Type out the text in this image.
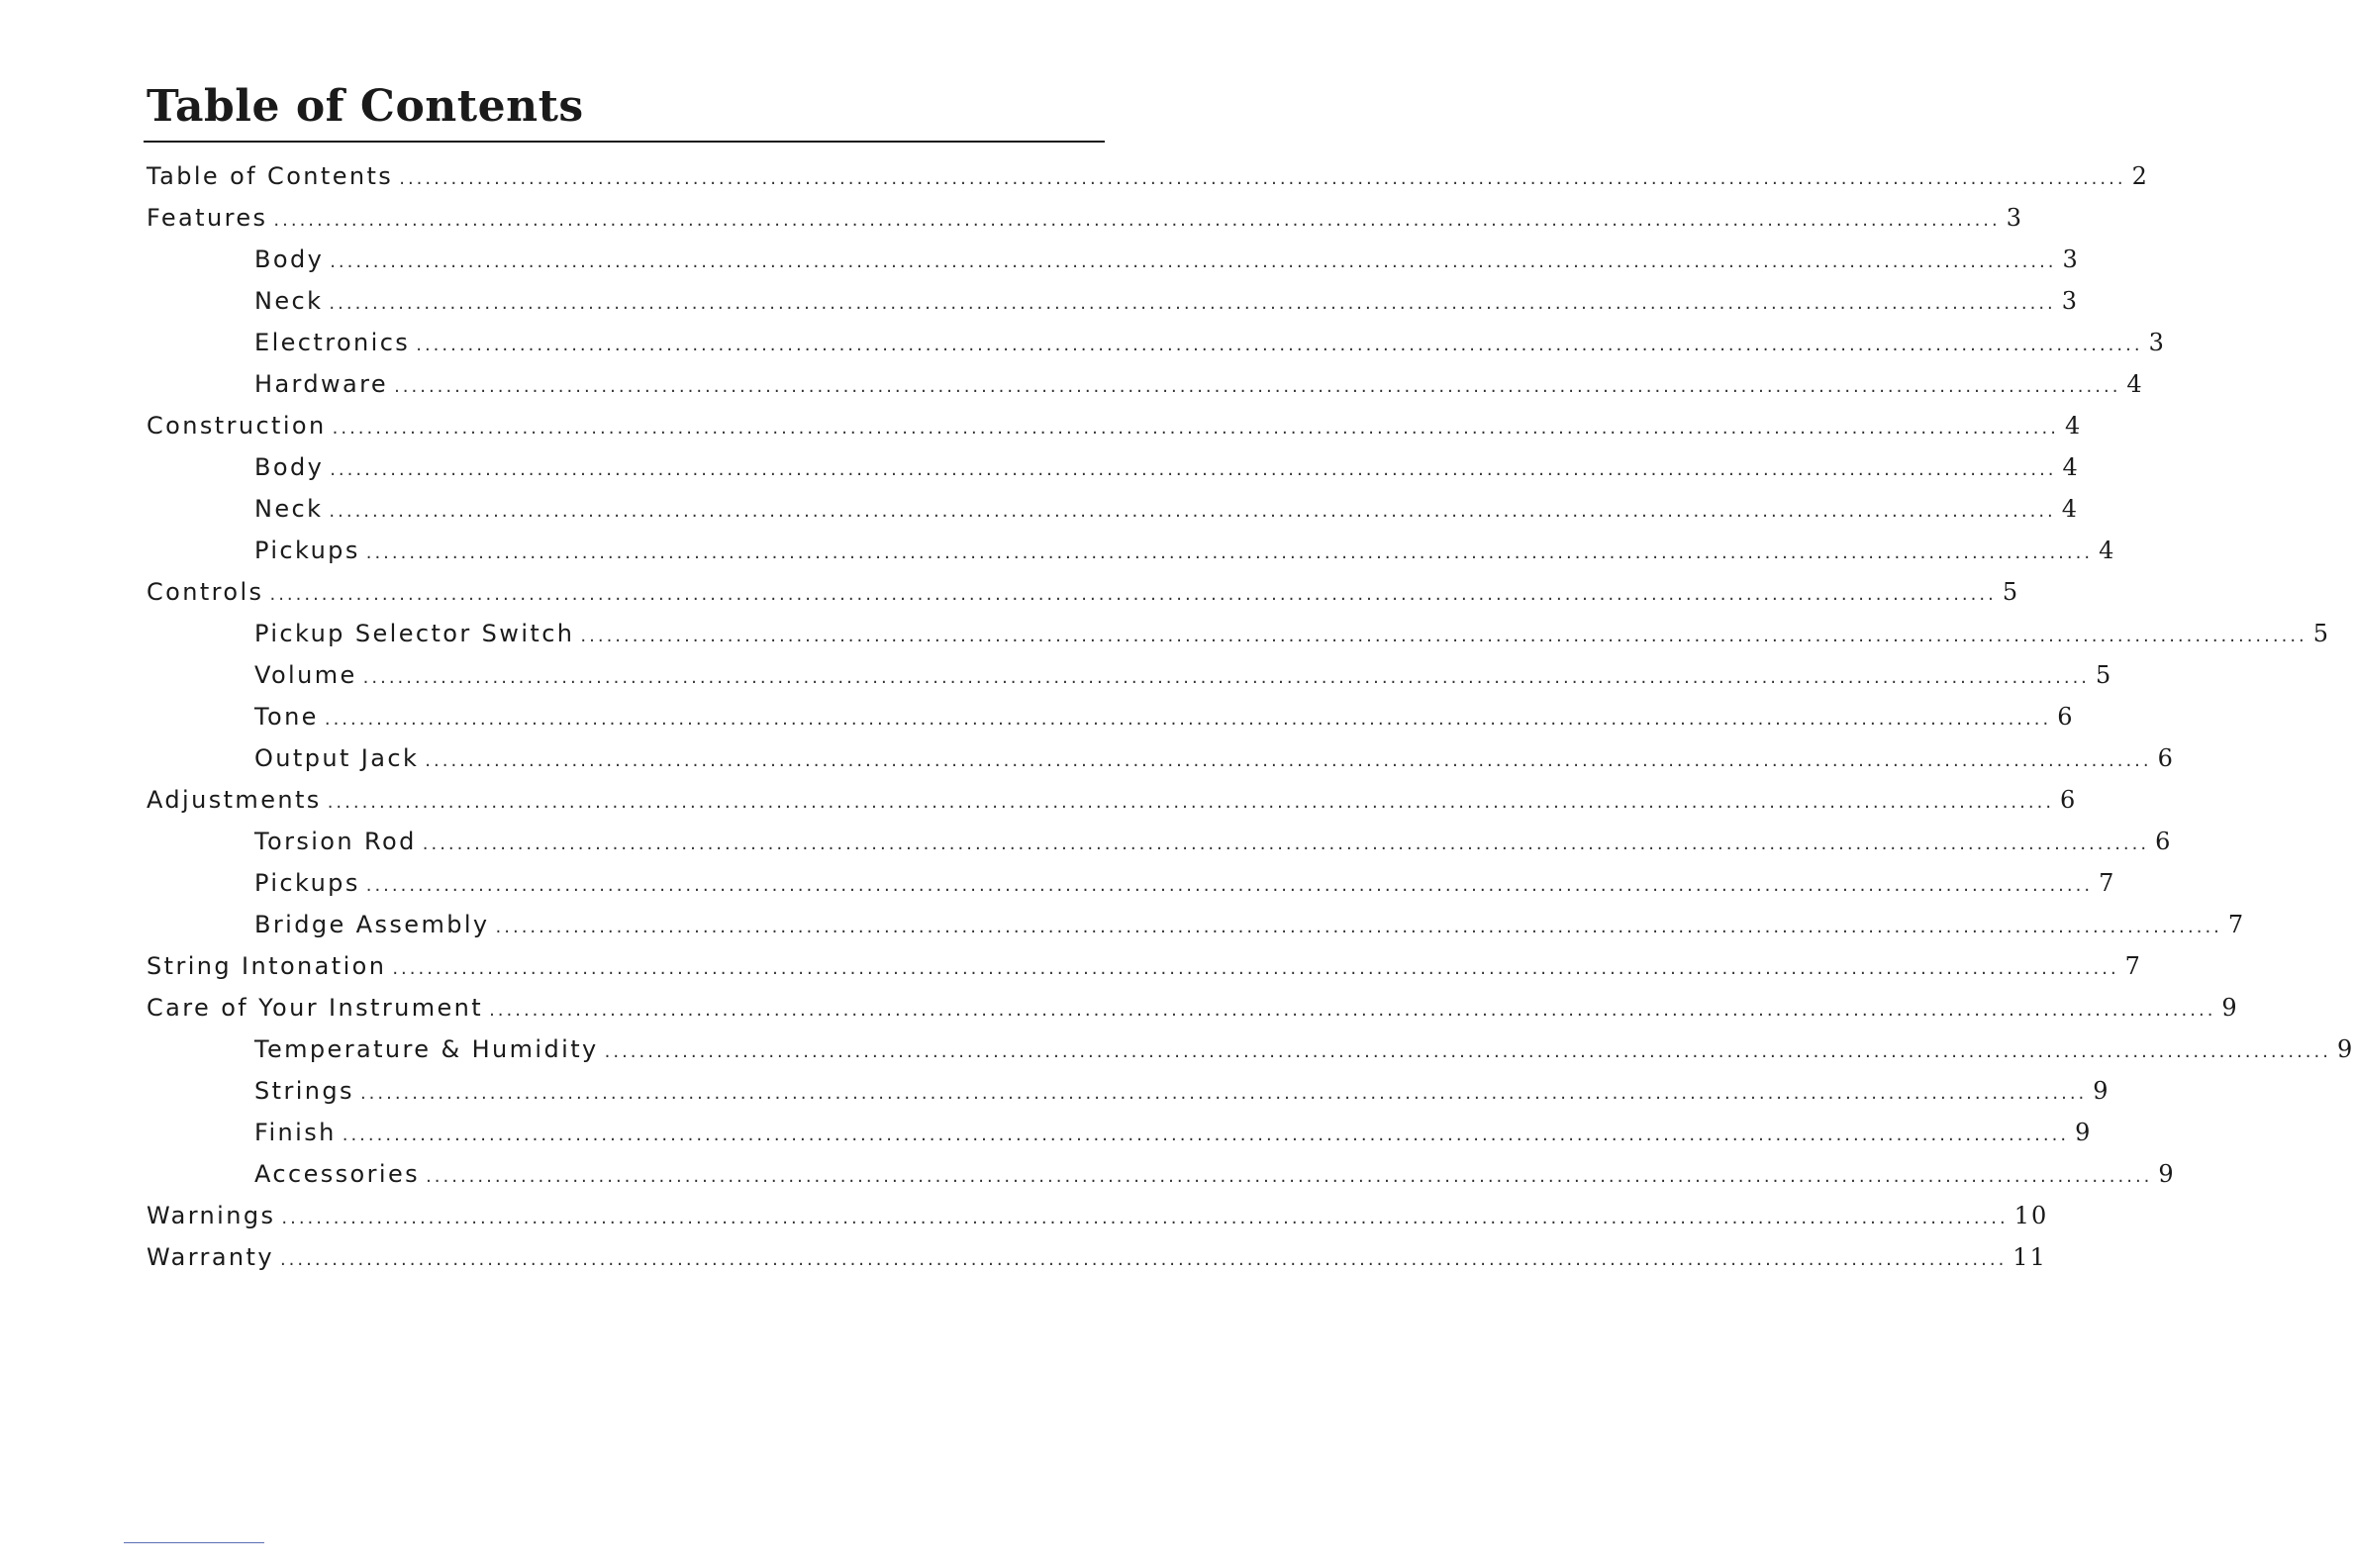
Table of Contents
Table of Contents ........................................................................................................................................................................................................ 2
Features ........................................................................................................................................................................................................ 3
Body ........................................................................................................................................................................................................ 3
Neck ........................................................................................................................................................................................................ 3
Electronics ........................................................................................................................................................................................................ 3
Hardware ........................................................................................................................................................................................................ 4
Construction ........................................................................................................................................................................................................ 4
Body ........................................................................................................................................................................................................ 4
Neck ........................................................................................................................................................................................................ 4
Pickups ........................................................................................................................................................................................................ 4
Controls ........................................................................................................................................................................................................ 5
Pickup Selector Switch ........................................................................................................................................................................................................ 5
Volume ........................................................................................................................................................................................................ 5
Tone ........................................................................................................................................................................................................ 6
Output Jack ........................................................................................................................................................................................................ 6
Adjustments ........................................................................................................................................................................................................ 6
Torsion Rod ........................................................................................................................................................................................................ 6
Pickups ........................................................................................................................................................................................................ 7
Bridge Assembly ........................................................................................................................................................................................................ 7
String Intonation ........................................................................................................................................................................................................ 7
Care of Your Instrument ........................................................................................................................................................................................................ 9
Temperature & Humidity ........................................................................................................................................................................................................ 9
Strings ........................................................................................................................................................................................................ 9
Finish ........................................................................................................................................................................................................ 9
Accessories ........................................................................................................................................................................................................ 9
Warnings ........................................................................................................................................................................................................ 10
Warranty ........................................................................................................................................................................................................ 11
